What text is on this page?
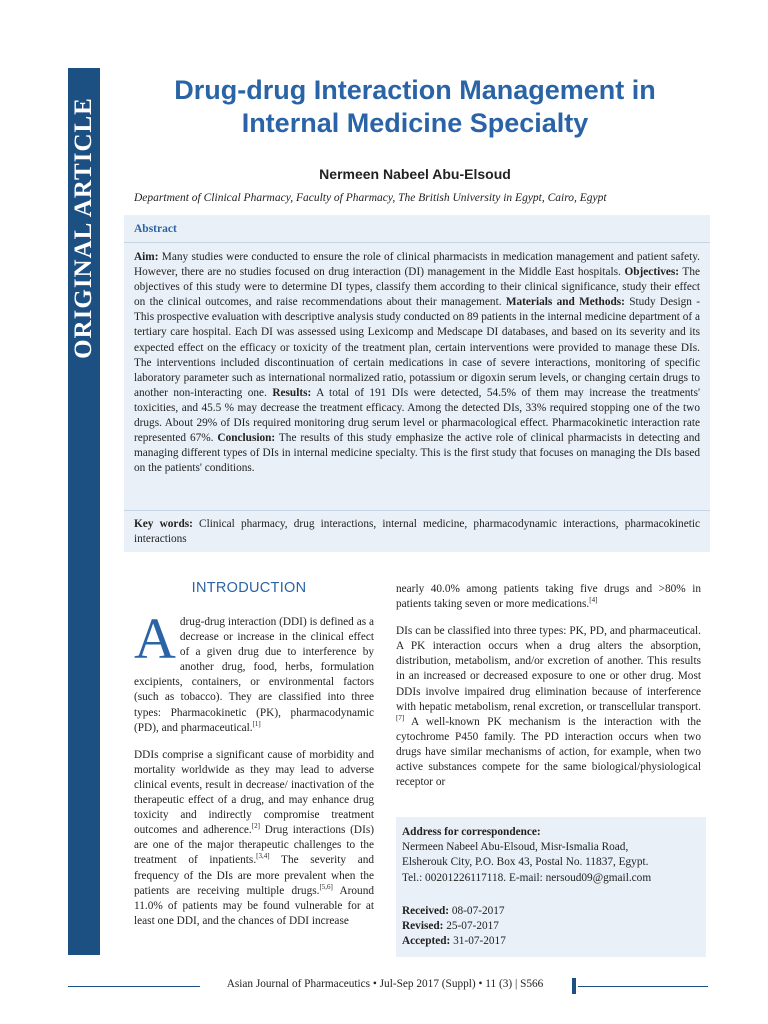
ORIGINAL ARTICLE
Drug-drug Interaction Management in
Internal Medicine Specialty
Nermeen Nabeel Abu-Elsoud
Department of Clinical Pharmacy, Faculty of Pharmacy, The British University in Egypt, Cairo, Egypt
Abstract
Aim: Many studies were conducted to ensure the role of clinical pharmacists in medication management and patient safety. However, there are no studies focused on drug interaction (DI) management in the Middle East hospitals. Objectives: The objectives of this study were to determine DI types, classify them according to their clinical significance, study their effect on the clinical outcomes, and raise recommendations about their management. Materials and Methods: Study Design - This prospective evaluation with descriptive analysis study conducted on 89 patients in the internal medicine department of a tertiary care hospital. Each DI was assessed using Lexicomp and Medscape DI databases, and based on its severity and its expected effect on the efficacy or toxicity of the treatment plan, certain interventions were provided to manage these DIs. The interventions included discontinuation of certain medications in case of severe interactions, monitoring of specific laboratory parameter such as international normalized ratio, potassium or digoxin serum levels, or changing certain drugs to another non-interacting one. Results: A total of 191 DIs were detected, 54.5% of them may increase the treatments' toxicities, and 45.5 % may decrease the treatment efficacy. Among the detected DIs, 33% required stopping one of the two drugs. About 29% of DIs required monitoring drug serum level or pharmacological effect. Pharmacokinetic interaction rate represented 67%. Conclusion: The results of this study emphasize the active role of clinical pharmacists in detecting and managing different types of DIs in internal medicine specialty. This is the first study that focuses on managing the DIs based on the patients' conditions.
Key words: Clinical pharmacy, drug interactions, internal medicine, pharmacodynamic interactions, pharmacokinetic interactions
INTRODUCTION

A drug-drug interaction (DDI) is defined as a decrease or increase in the clinical effect of a given drug due to interference by another drug, food, herbs, formulation excipients, containers, or environmental factors (such as tobacco). They are classified into three types: Pharmacokinetic (PK), pharmacodynamic (PD), and pharmaceutical.[1]

DDIs comprise a significant cause of morbidity and mortality worldwide as they may lead to adverse clinical events, result in decrease/ inactivation of the therapeutic effect of a drug, and may enhance drug toxicity and indirectly compromise treatment outcomes and adherence.[2] Drug interactions (DIs) are one of the major therapeutic challenges to the treatment of inpatients.[3,4] The severity and frequency of the DIs are more prevalent when the patients are receiving multiple drugs.[5,6] Around 11.0% of patients may be found vulnerable for at least one DDI, and the chances of DDI increase

nearly 40.0% among patients taking five drugs and >80% in patients taking seven or more medications.[4]

DIs can be classified into three types: PK, PD, and pharmaceutical. A PK interaction occurs when a drug alters the absorption, distribution, metabolism, and/or excretion of another. This results in an increased or decreased exposure to one or other drug. Most DDIs involve impaired drug elimination because of interference with hepatic metabolism, renal excretion, or transcellular transport.[7] A well-known PK mechanism is the interaction with the cytochrome P450 family. The PD interaction occurs when two drugs have similar mechanisms of action, for example, when two active substances compete for the same biological/physiological receptor or

Address for correspondence:
Nermeen Nabeel Abu-Elsoud, Misr-Ismalia Road,
Elsherouk City, P.O. Box 43, Postal No. 11837, Egypt.
Tel.: 00201226117118. E-mail: nersoud09@gmail.com
Received: 08-07-2017
Revised: 25-07-2017
Accepted: 31-07-2017
Asian Journal of Pharmaceutics • Jul-Sep 2017 (Suppl) • 11 (3) | S566
